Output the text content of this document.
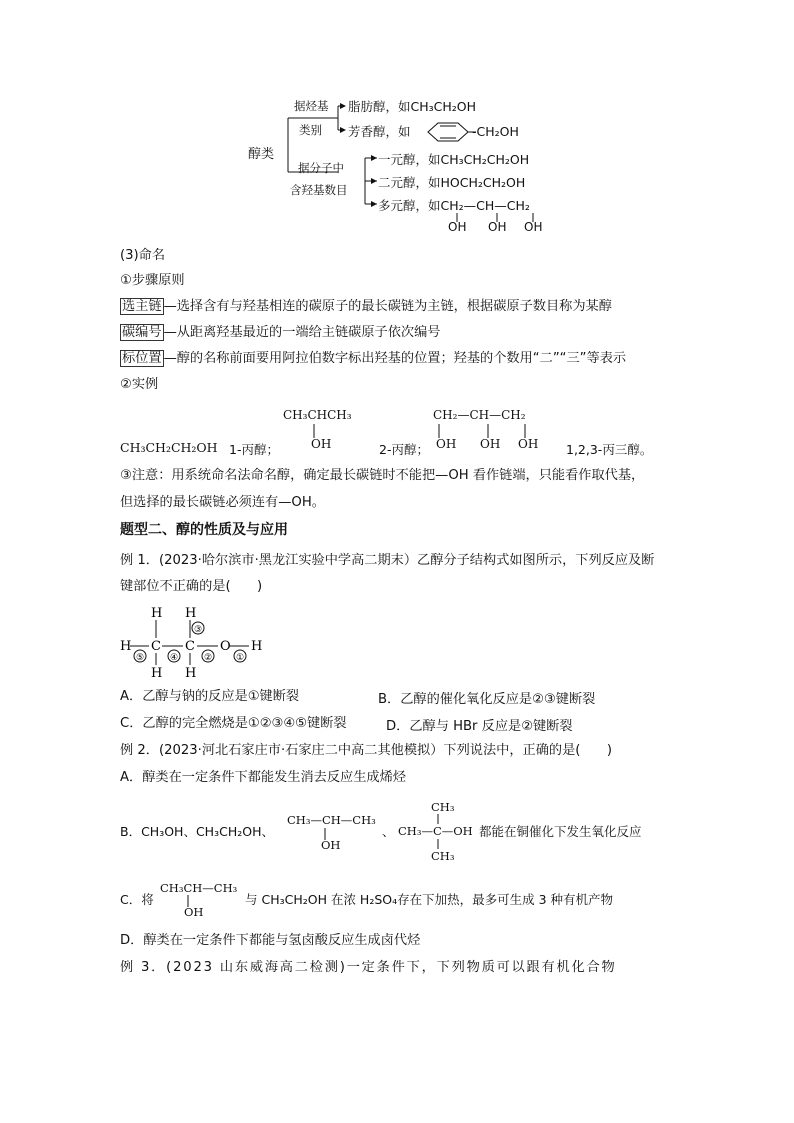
醇类
据烃基
类别
脂肪醇，如CH₃CH₂OH
芳香醇，如	-CH₂OH
据分子中
含羟基数目
一元醇，如CH₃CH₂CH₂OH
二元醇，如HOCH₂CH₂OH
多元醇，如CH₂—CH—CH₂
OH OH OH
(3)命名
①步骤原则
选主链 —选择含有与羟基相连的碳原子的最长碳链为主链，根据碳原子数目称为某醇
碳编号 —从距离羟基最近的一端给主链碳原子依次编号
标位置 —醇的名称前面要用阿拉伯数字标出羟基的位置；羟基的个数用“二”“三”等表示
②实例
CH₃CH₂CH₂OH 1-丙醇；
CH₃CHCH₃
OH	2-丙醇；
CH₂—CH—CH₂
OH OH OH 1,2,3-丙三醇。
③注意：用系统命名法命名醇，确定最长碳链时不能把—OH 看作链端，只能看作取代基，
但选择的最长碳链必须连有—OH。
题型二、醇的性质及与应用
例 1．(2023·哈尔滨市·黑龙江实验中学高二期末）乙醇分子结构式如图所示，下列反应及断
键部位不正确的是(　　)
H H
H C C O H
H H
③
⑤	④	②	①
A．乙醇与钠的反应是①键断裂	B．乙醇的催化氧化反应是②③键断裂
C．乙醇的完全燃烧是①②③④⑤键断裂	D．乙醇与 HBr 反应是②键断裂
例 2．(2023·河北石家庄市·石家庄二中高二其他模拟）下列说法中，正确的是(　　)
A．醇类在一定条件下都能发生消去反应生成烯烃
B．CH₃OH、CH₃CH₂OH、
CH₃—CH—CH₃
OH
、
CH₃
CH₃—C—OH
CH₃
都能在铜催化下发生氧化反应
C．将
CH₃CH—CH₃
OH
与 CH₃CH₂OH 在浓 H₂SO₄存在下加热，最多可生成 3 种有机产物
D．醇类在一定条件下都能与氢卤酸反应生成卤代烃
例 3．(2023 山东威海高二检测)一定条件下，下列物质可以跟有机化合物
